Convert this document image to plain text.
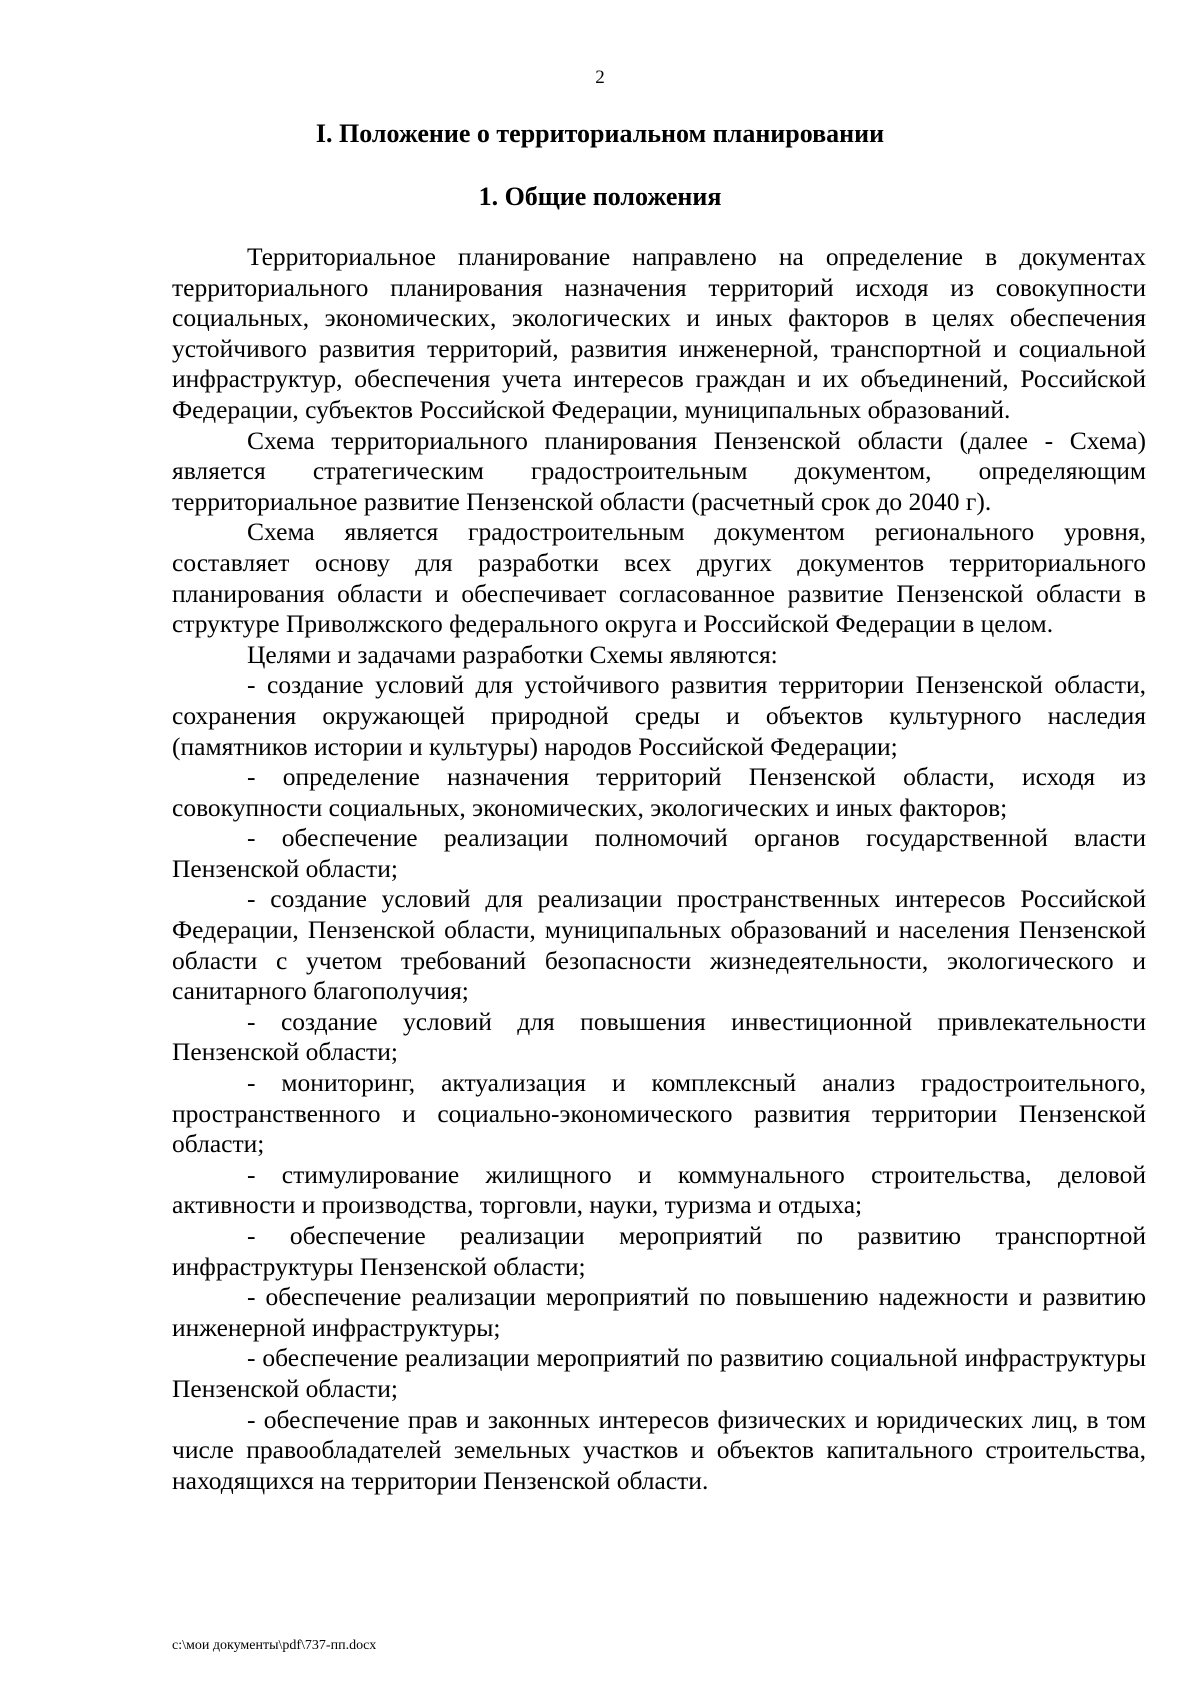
2
I. Положение о территориальном планировании
1. Общие положения

Территориальное планирование направлено на определение в документах территориального планирования назначения территорий исходя из совокупности социальных, экономических, экологических и иных факторов в целях обеспечения устойчивого развития территорий, развития инженерной, транспортной и социальной инфраструктур, обеспечения учета интересов граждан и их объединений, Российской Федерации, субъектов Российской Федерации, муниципальных образований.

Схема территориального планирования Пензенской области (далее - Схема) является стратегическим градостроительным документом, определяющим территориальное развитие Пензенской области (расчетный срок до 2040 г).

Схема является градостроительным документом регионального уровня, составляет основу для разработки всех других документов территориального планирования области и обеспечивает согласованное развитие Пензенской области в структуре Приволжского федерального округа и Российской Федерации в целом.

Целями и задачами разработки Схемы являются:

- создание условий для устойчивого развития территории Пензенской области, сохранения окружающей природной среды и объектов культурного наследия (памятников истории и культуры) народов Российской Федерации;

- определение назначения территорий Пензенской области, исходя из совокупности социальных, экономических, экологических и иных факторов;

- обеспечение реализации полномочий органов государственной власти Пензенской области;

- создание условий для реализации пространственных интересов Российской Федерации, Пензенской области, муниципальных образований и населения Пензенской области с учетом требований безопасности жизнедеятельности, экологического и санитарного благополучия;

- создание условий для повышения инвестиционной привлекательности Пензенской области;

- мониторинг, актуализация и комплексный анализ градостроительного, пространственного и социально-экономического развития территории Пензенской области;

- стимулирование жилищного и коммунального строительства, деловой активности и производства, торговли, науки, туризма и отдыха;

- обеспечение реализации мероприятий по развитию транспортной инфраструктуры Пензенской области;

- обеспечение реализации мероприятий по повышению надежности и развитию инженерной инфраструктуры;

- обеспечение реализации мероприятий по развитию социальной инфраструктуры Пензенской области;

- обеспечение прав и законных интересов физических и юридических лиц, в том числе правообладателей земельных участков и объектов капитального строительства, находящихся на территории Пензенской области.

c:\мои документы\pdf\737-пп.docx
